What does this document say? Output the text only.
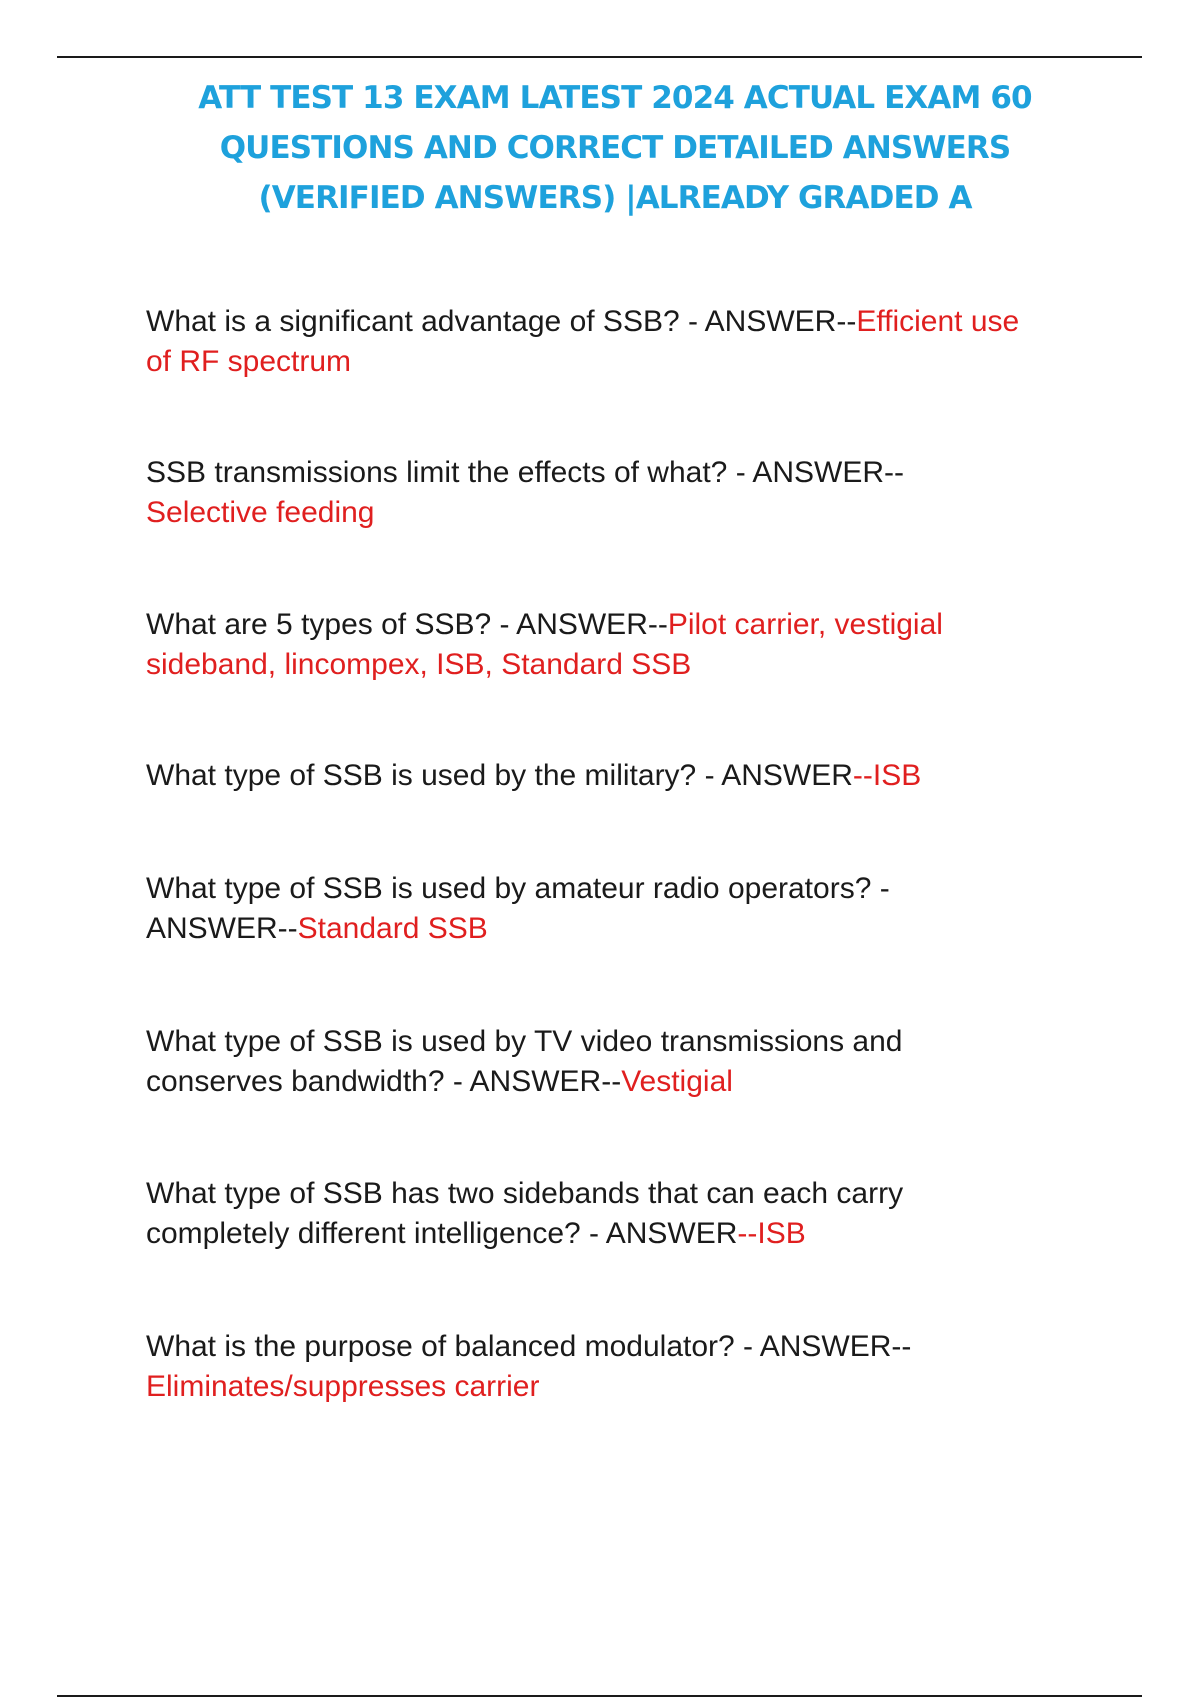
ATT TEST 13 EXAM LATEST 2024 ACTUAL EXAM 60
QUESTIONS AND CORRECT DETAILED ANSWERS
(VERIFIED ANSWERS) |ALREADY GRADED A

What is a significant advantage of SSB? - ANSWER--Efficient use
of RF spectrum

SSB transmissions limit the effects of what? - ANSWER--
Selective feeding

What are 5 types of SSB? - ANSWER--Pilot carrier, vestigial
sideband, lincompex, ISB, Standard SSB

What type of SSB is used by the military? - ANSWER--ISB

What type of SSB is used by amateur radio operators? -
ANSWER--Standard SSB

What type of SSB is used by TV video transmissions and
conserves bandwidth? - ANSWER--Vestigial

What type of SSB has two sidebands that can each carry
completely different intelligence? - ANSWER--ISB

What is the purpose of balanced modulator? - ANSWER--
Eliminates/suppresses carrier
